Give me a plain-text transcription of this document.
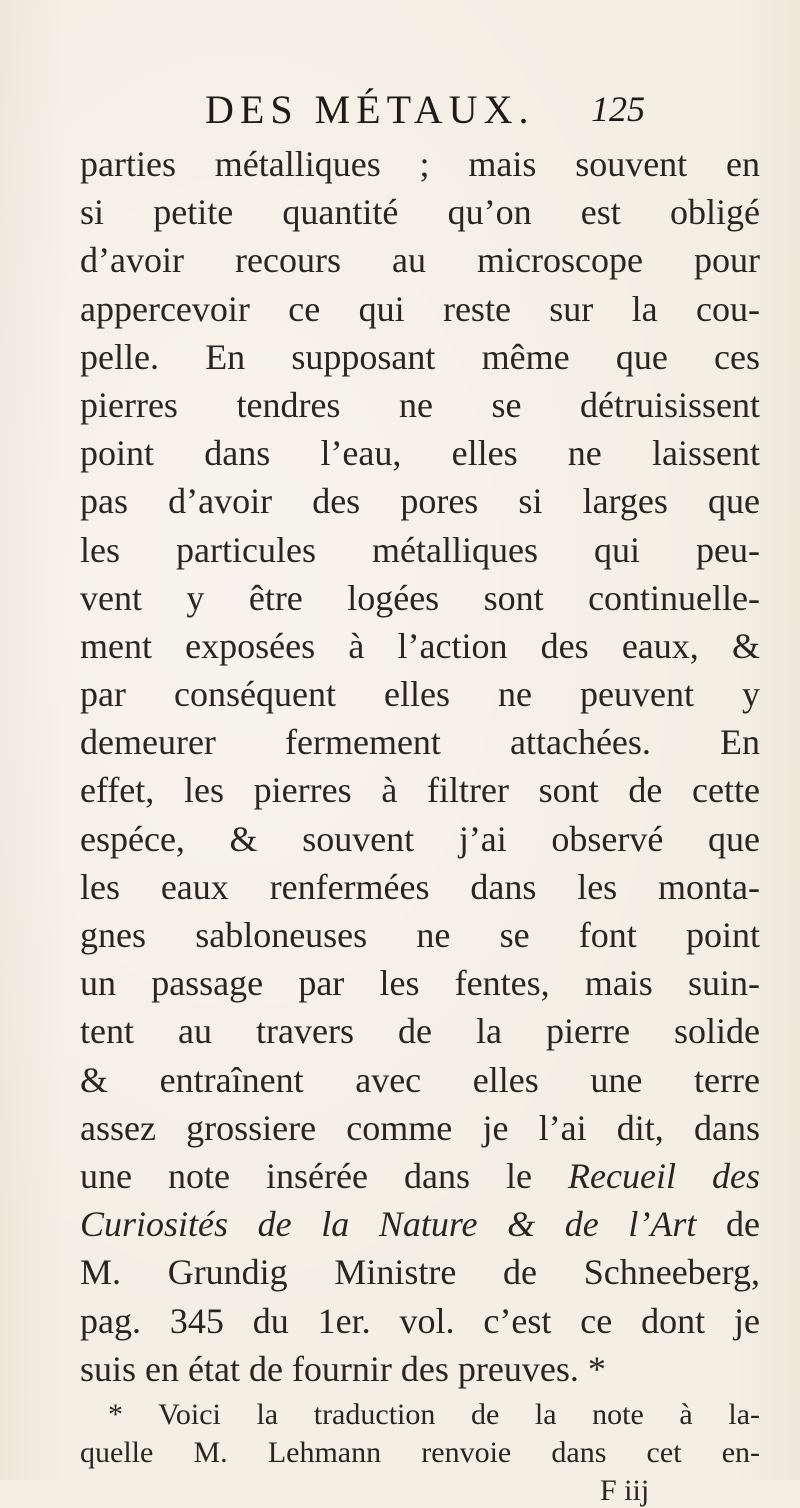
DES MÉTAUX. 125
parties métalliques ; mais souvent en
si petite quantité qu’on est obligé
d’avoir recours au microscope pour
appercevoir ce qui reste sur la cou-
pelle. En supposant même que ces
pierres tendres ne se détruisissent
point dans l’eau, elles ne laissent
pas d’avoir des pores si larges que
les particules métalliques qui peu-
vent y être logées sont continuelle-
ment exposées à l’action des eaux, &
par conséquent elles ne peuvent y
demeurer fermement attachées. En
effet, les pierres à filtrer sont de cette
espéce, & souvent j’ai observé que
les eaux renfermées dans les monta-
gnes sabloneuses ne se font point
un passage par les fentes, mais suin-
tent au travers de la pierre solide
& entraînent avec elles une terre
assez grossiere comme je l’ai dit, dans
une note insérée dans le Recueil des
Curiosités de la Nature & de l’Art de
M. Grundig Ministre de Schneeberg,
pag. 345 du 1er. vol. c’est ce dont je
suis en état de fournir des preuves. *
* Voici la traduction de la note à la-
quelle M. Lehmann renvoie dans cet en-
F iij
